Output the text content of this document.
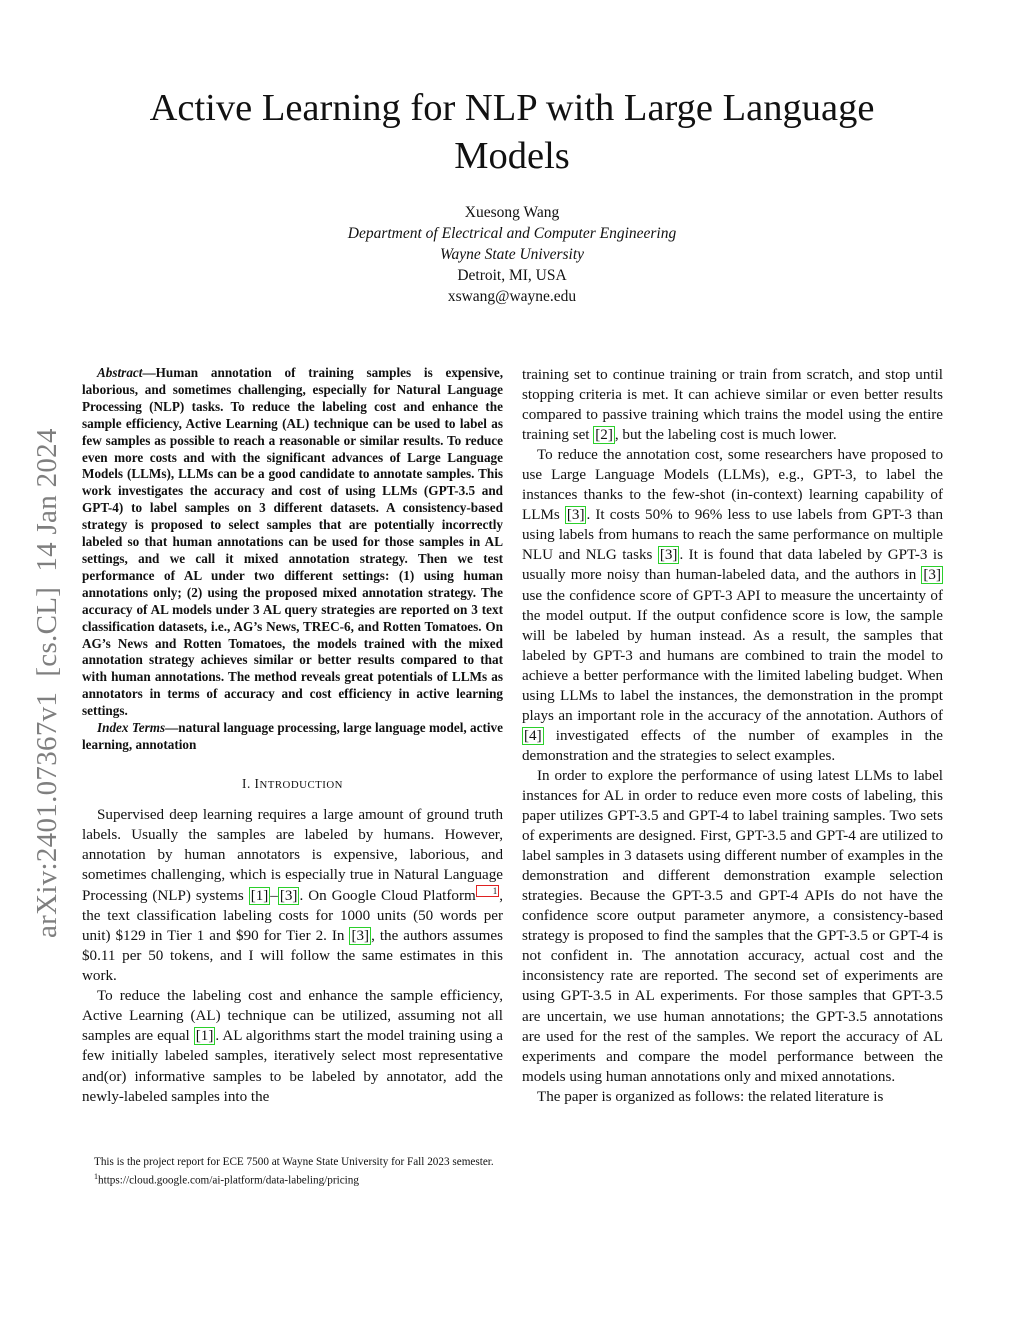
Active Learning for NLP with Large Language Models
Xuesong Wang
Department of Electrical and Computer Engineering
Wayne State University
Detroit, MI, USA
xswang@wayne.edu
arXiv:2401.07367v1  [cs.CL]  14 Jan 2024

Abstract—Human annotation of training samples is expensive, laborious, and sometimes challenging, especially for Natural Language Processing (NLP) tasks. To reduce the labeling cost and enhance the sample efficiency, Active Learning (AL) technique can be used to label as few samples as possible to reach a reasonable or similar results. To reduce even more costs and with the significant advances of Large Language Models (LLMs), LLMs can be a good candidate to annotate samples. This work investigates the accuracy and cost of using LLMs (GPT-3.5 and GPT-4) to label samples on 3 different datasets. A consistency-based strategy is proposed to select samples that are potentially incorrectly labeled so that human annotations can be used for those samples in AL settings, and we call it mixed annotation strategy. Then we test performance of AL under two different settings: (1) using human annotations only; (2) using the proposed mixed annotation strategy. The accuracy of AL models under 3 AL query strategies are reported on 3 text classification datasets, i.e., AG’s News, TREC-6, and Rotten Tomatoes. On AG’s News and Rotten Tomatoes, the models trained with the mixed annotation strategy achieves similar or better results compared to that with human annotations. The method reveals great potentials of LLMs as annotators in terms of accuracy and cost efficiency in active learning settings.

Index Terms—natural language processing, large language model, active learning, annotation

I. INTRODUCTION

Supervised deep learning requires a large amount of ground truth labels. Usually the samples are labeled by humans. However, annotation by human annotators is expensive, laborious, and sometimes challenging, which is especially true in Natural Language Processing (NLP) systems [1] – [3] . On Google Cloud Platform 1 , the text classification labeling costs for 1000 units (50 words per unit) $129 in Tier 1 and $90 for Tier 2. In [3] , the authors assumes $0.11 per 50 tokens, and I will follow the same estimates in this work.

To reduce the labeling cost and enhance the sample efficiency, Active Learning (AL) technique can be utilized, assuming not all samples are equal [1] . AL algorithms start the model training using a few initially labeled samples, iteratively select most representative and(or) informative samples to be labeled by annotator, add the newly-labeled samples into the

This is the project report for ECE 7500 at Wayne State University for Fall 2023 semester.

$^1$https://cloud.google.com/ai-platform/data-labeling/pricing

training set to continue training or train from scratch, and stop until stopping criteria is met. It can achieve similar or even better results compared to passive training which trains the model using the entire training set [2] , but the labeling cost is much lower.

To reduce the annotation cost, some researchers have proposed to use Large Language Models (LLMs), e.g., GPT-3, to label the instances thanks to the few-shot (in-context) learning capability of LLMs [3] . It costs 50% to 96% less to use labels from GPT-3 than using labels from humans to reach the same performance on multiple NLU and NLG tasks [3] . It is found that data labeled by GPT-3 is usually more noisy than human-labeled data, and the authors in [3] use the confidence score of GPT-3 API to measure the uncertainty of the model output. If the output confidence score is low, the sample will be labeled by human instead. As a result, the samples that labeled by GPT-3 and humans are combined to train the model to achieve a better performance with the limited labeling budget. When using LLMs to label the instances, the demonstration in the prompt plays an important role in the accuracy of the annotation. Authors of [4] investigated effects of the number of examples in the demonstration and the strategies to select examples.

In order to explore the performance of using latest LLMs to label instances for AL in order to reduce even more costs of labeling, this paper utilizes GPT-3.5 and GPT-4 to label training samples. Two sets of experiments are designed. First, GPT-3.5 and GPT-4 are utilized to label samples in 3 datasets using different number of examples in the demonstration and different demonstration example selection strategies. Because the GPT-3.5 and GPT-4 APIs do not have the confidence score output parameter anymore, a consistency-based strategy is proposed to find the samples that the GPT-3.5 or GPT-4 is not confident in. The annotation accuracy, actual cost and the inconsistency rate are reported. The second set of experiments are using GPT-3.5 in AL experiments. For those samples that GPT-3.5 are uncertain, we use human annotations; the GPT-3.5 annotations are used for the rest of the samples. We report the accuracy of AL experiments and compare the model performance between the models using human annotations only and mixed annotations.

The paper is organized as follows: the related literature is
